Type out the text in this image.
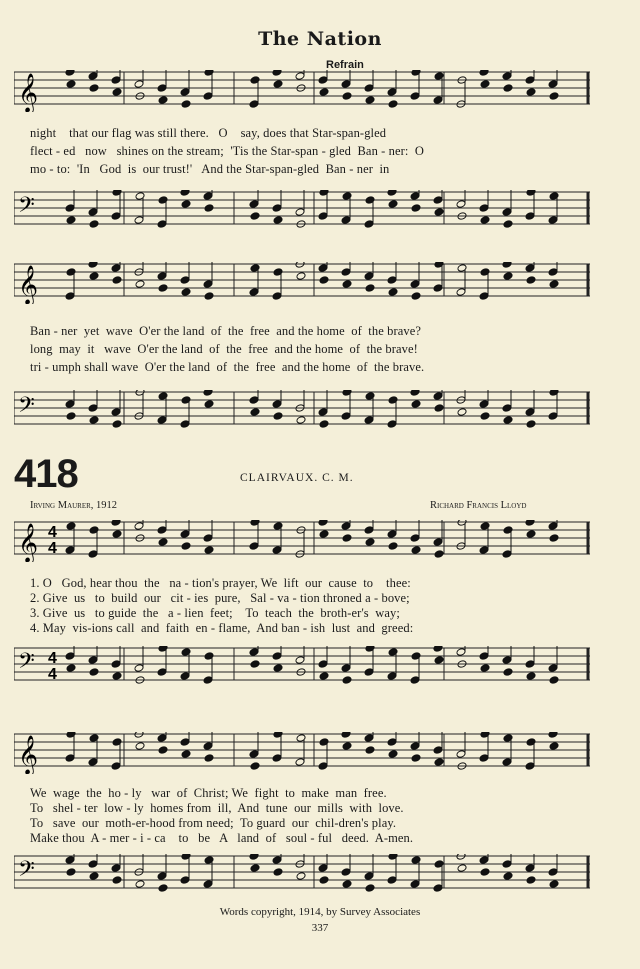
The Nation
Refrain
𝄞
night    that our flag was still there.   O    say, does that Star-span-gled
flect - ed   now   shines on the stream;  'Tis the Star-span - gled  Ban - ner:  O
mo - to:  'In   God  is  our trust!'   And the Star-span-gled  Ban - ner  in
𝄢
𝄞
Ban - ner  yet  wave  O'er the land  of  the  free  and the home  of  the brave?
long  may  it   wave  O'er the land  of  the  free  and the home  of  the brave!
tri - umph shall wave  O'er the land  of  the  free  and the home  of  the brave.
𝄢
418	CLAIRVAUX. C. M.
Irving Maurer, 1912	Richard Francis Lloyd
𝄞 4
4
1. O   God, hear thou  the   na - tion's prayer, We  lift  our  cause  to    thee:
2. Give  us   to  build  our   cit - ies  pure,   Sal - va - tion throned a - bove;
3. Give  us   to guide  the   a - lien  feet;    To  teach  the  broth-er's  way;
4. May  vis-ions call  and  faith  en - flame,  And ban - ish  lust  and  greed:
𝄢 4
4
𝄞
We  wage  the  ho - ly   war  of  Christ; We  fight  to  make  man  free.
To   shel - ter  low - ly  homes from  ill,  And  tune  our  mills  with  love.
To   save  our  moth-er-hood from need;  To guard  our  chil-dren's play.
Make thou  A - mer - i - ca    to   be   A   land  of   soul - ful   deed.  A-men.
𝄢
Words copyright, 1914, by Survey Associates
337
